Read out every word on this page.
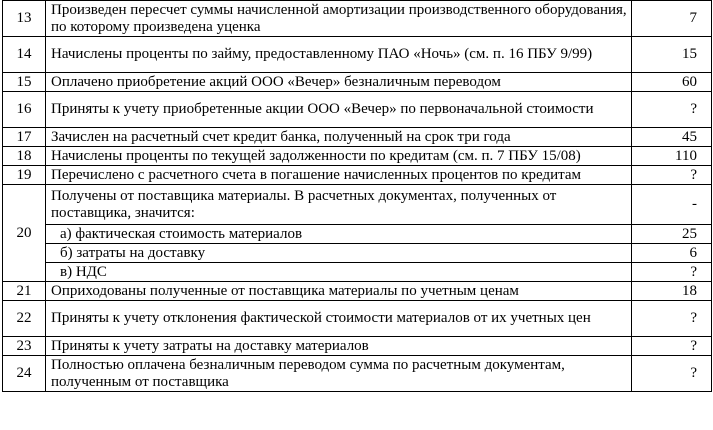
13	Произведен пересчет суммы начисленной амортизации производственного оборудования, по которому произведена уценка	7
14	Начислены проценты по займу, предоставленному ПАО «Ночь» (см. п. 16 ПБУ 9/99)	15
15	Оплачено приобретение акций ООО «Вечер» безналичным переводом	60
16	Приняты к учету приобретенные акции ООО «Вечер» по первоначальной стоимости	?
17	Зачислен на расчетный счет кредит банка, полученный на срок три года	45
18	Начислены проценты по текущей задолженности по кредитам (см. п. 7 ПБУ 15/08)	110
19	Перечислено с расчетного счета в погашение начисленных процентов по кредитам	?
20	Получены от поставщика материалы. В расчетных документах, полученных от поставщика, значится:	-
	а) фактическая стоимость материалов	25
	б) затраты на доставку	6
	в) НДС	?
21	Оприходованы полученные от поставщика материалы по учетным ценам	18
22	Приняты к учету отклонения фактической стоимости материалов от их учетных цен	?
23	Приняты к учету затраты на доставку материалов	?
24	Полностью оплачена безналичным переводом сумма по расчетным документам, полученным от поставщика	?
